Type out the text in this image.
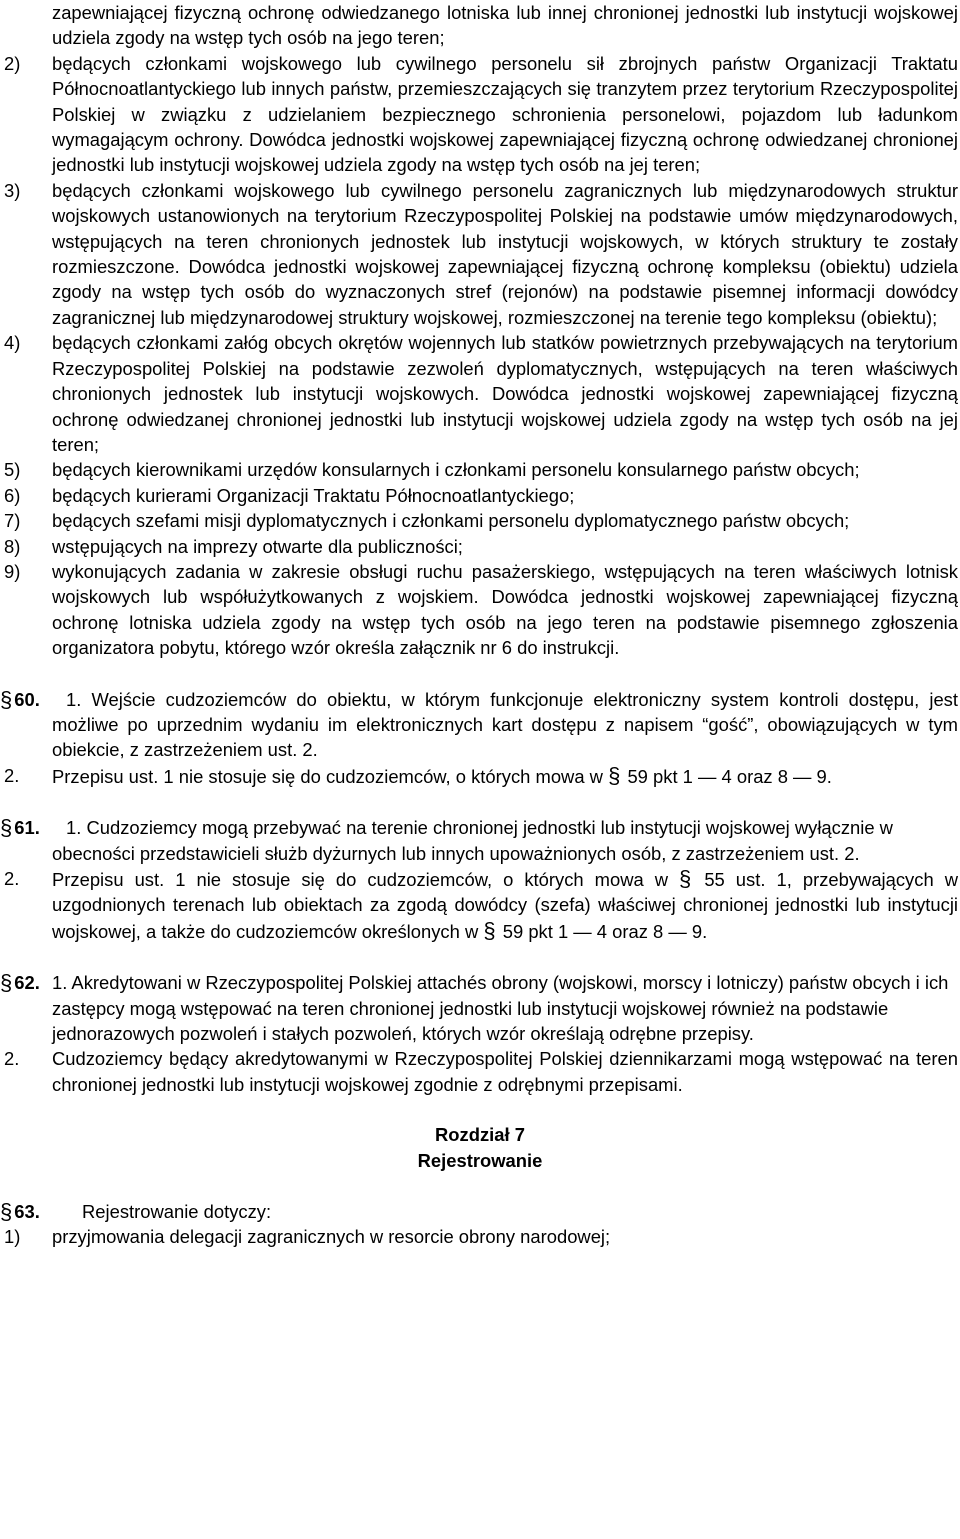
zapewniającej fizyczną ochronę odwiedzanego lotniska lub innej chronionej jednostki lub instytucji wojskowej udziela zgody na wstęp tych osób na jego teren;
2)	będących członkami wojskowego lub cywilnego personelu sił zbrojnych państw Organizacji Traktatu Północnoatlantyckiego lub innych państw, przemieszczających się tranzytem przez terytorium Rzeczypospolitej Polskiej w związku z udzielaniem bezpiecznego schronienia personelowi, pojazdom lub ładunkom wymagającym ochrony. Dowódca jednostki wojskowej zapewniającej fizyczną ochronę odwiedzanej chronionej jednostki lub instytucji wojskowej udziela zgody na wstęp tych osób na jej teren;
3)	będących członkami wojskowego lub cywilnego personelu zagranicznych lub międzynarodowych struktur wojskowych ustanowionych na terytorium Rzeczypospolitej Polskiej na podstawie umów międzynarodowych, wstępujących na teren chronionych jednostek lub instytucji wojskowych, w których struktury te zostały rozmieszczone. Dowódca jednostki wojskowej zapewniającej fizyczną ochronę kompleksu (obiektu) udziela zgody na wstęp tych osób do wyznaczonych stref (rejonów) na podstawie pisemnej informacji dowódcy zagranicznej lub międzynarodowej struktury wojskowej, rozmieszczonej na terenie tego kompleksu (obiektu);
4)	będących członkami załóg obcych okrętów wojennych lub statków powietrznych przebywających na terytorium Rzeczypospolitej Polskiej na podstawie zezwoleń dyplomatycznych, wstępujących na teren właściwych chronionych jednostek lub instytucji wojskowych. Dowódca jednostki wojskowej zapewniającej fizyczną ochronę odwiedzanej chronionej jednostki lub instytucji wojskowej udziela zgody na wstęp tych osób na jej teren;
5)	będących kierownikami urzędów konsularnych i członkami personelu konsularnego państw obcych;
6)	będących kurierami Organizacji Traktatu Północnoatlantyckiego;
7)	będących szefami misji dyplomatycznych i członkami personelu dyplomatycznego państw obcych;
8)	wstępujących na imprezy otwarte dla publiczności;
9)	wykonujących zadania w zakresie obsługi ruchu pasażerskiego, wstępujących na teren właściwych lotnisk wojskowych lub współużytkowanych z wojskiem. Dowódca jednostki wojskowej zapewniającej fizyczną ochronę lotniska udziela zgody na wstęp tych osób na jego teren na podstawie pisemnego zgłoszenia organizatora pobytu, którego wzór określa załącznik nr 6 do instrukcji.
§ 60.	1. Wejście cudzoziemców do obiektu, w którym funkcjonuje elektroniczny system kontroli dostępu, jest możliwe po uprzednim wydaniu im elektronicznych kart dostępu z napisem “gość”, obowiązujących w tym obiekcie, z zastrzeżeniem ust. 2.
2.	Przepisu ust. 1 nie stosuje się do cudzoziemców, o których mowa w § 59 pkt 1 — 4 oraz 8 — 9.
§ 61.	1. Cudzoziemcy mogą przebywać na terenie chronionej jednostki lub instytucji wojskowej wyłącznie w obecności przedstawicieli służb dyżurnych lub innych upoważnionych osób, z zastrzeżeniem ust. 2.
2.	Przepisu ust. 1 nie stosuje się do cudzoziemców, o których mowa w § 55 ust. 1, przebywających w uzgodnionych terenach lub obiektach za zgodą dowódcy (szefa) właściwej chronionej jednostki lub instytucji wojskowej, a także do cudzoziemców określonych w § 59 pkt 1 — 4 oraz 8 — 9.
§ 62. 1. Akredytowani w Rzeczypospolitej Polskiej attachés obrony (wojskowi, morscy i lotniczy) państw obcych i ich zastępcy mogą wstępować na teren chronionej jednostki lub instytucji wojskowej również na podstawie jednorazowych pozwoleń i stałych pozwoleń, których wzór określają odrębne przepisy.
2.	Cudzoziemcy będący akredytowanymi w Rzeczypospolitej Polskiej dziennikarzami mogą wstępować na teren chronionej jednostki lub instytucji wojskowej zgodnie z odrębnymi przepisami.
Rozdział 7
Rejestrowanie
§ 63.	Rejestrowanie dotyczy:
1)	przyjmowania delegacji zagranicznych w resorcie obrony narodowej;
